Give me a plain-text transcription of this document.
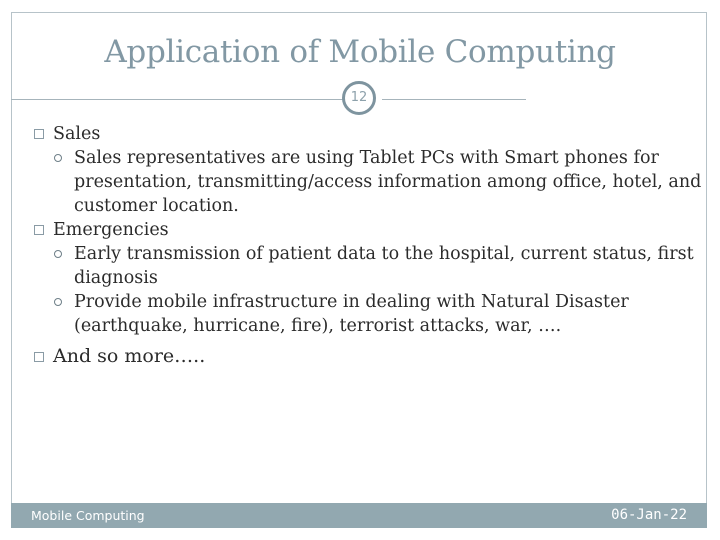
Application of Mobile Computing
12
Sales
Sales representatives are using Tablet PCs with Smart phones for presentation, transmitting/access information among office, hotel, and customer location.
Emergencies
Early transmission of patient data to the hospital, current status, first diagnosis
Provide mobile infrastructure in dealing with Natural Disaster (earthquake, hurricane, fire), terrorist attacks, war, ….
And so more…..
Mobile Computing	06-Jan-22
